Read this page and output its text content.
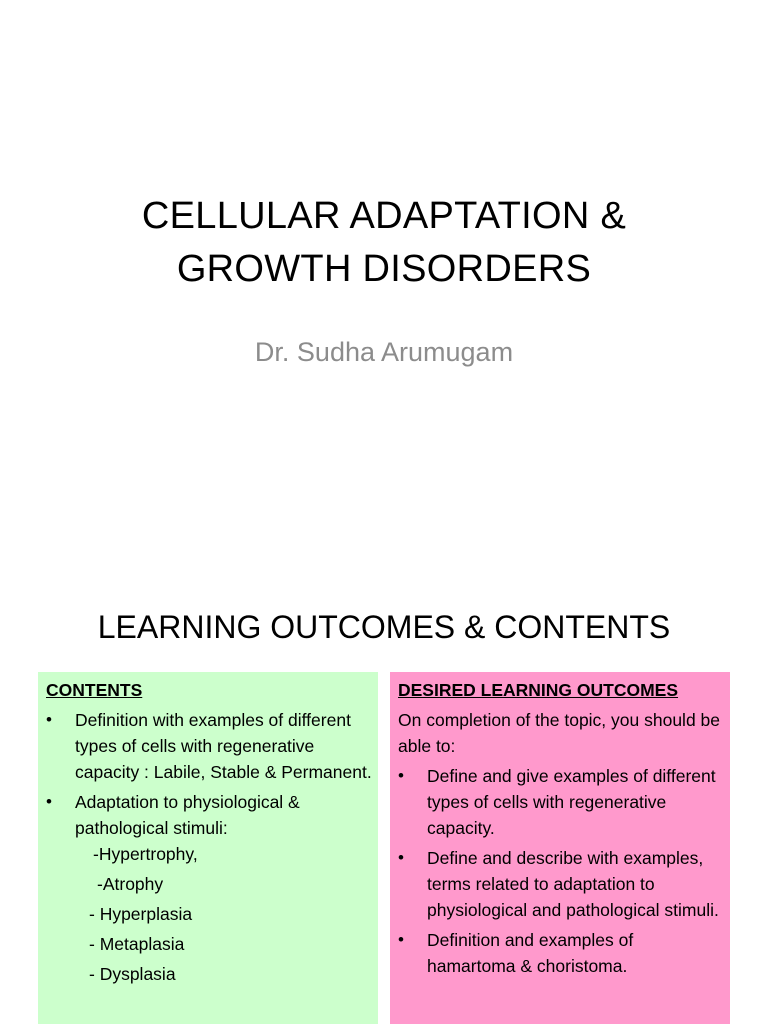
CELLULAR ADAPTATION &
GROWTH DISORDERS
Dr. Sudha Arumugam
LEARNING OUTCOMES & CONTENTS
CONTENTS
• Definition with examples of different types of cells with regenerative capacity : Labile, Stable & Permanent.
• Adaptation to physiological & pathological stimuli:
-Hypertrophy,
-Atrophy
- Hyperplasia
- Metaplasia
- Dysplasia
DESIRED LEARNING OUTCOMES
On completion of the topic, you should be able to:
• Define and give examples of different types of cells with regenerative capacity.
• Define and describe with examples, terms related to adaptation to physiological and pathological stimuli.
• Definition and examples of hamartoma & choristoma.
